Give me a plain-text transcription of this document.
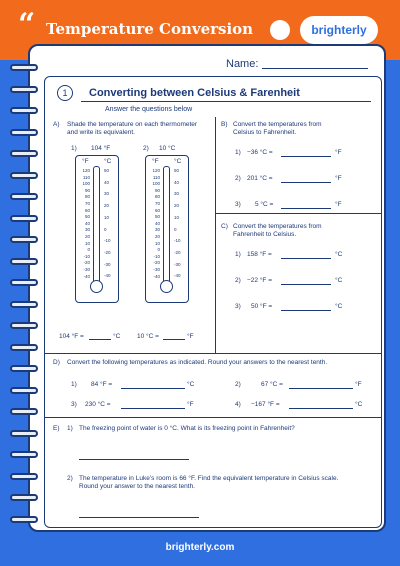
“ Temperature Conversion	brighterly
Name:
1	Converting between Celsius & Farenheit
Answer the questions below
A) Shade the temperature on each thermometer
and write its equivalent.
1) 104 °F	2) 10 °C
°F °C
120
110
100
90
80
70
60
50
40
30
20
10
0
-10
-20
-30
-40
50
40
30
20
10
0
-10
-20
-30
-40
°F °C
120
110
100
90
80
70
60
50
40
30
20
10
0
-10
-20
-30
-40
50
40
30
20
10
0
-10
-20
-30
-40
104 °F =	°C	10 °C =	°F
B) Convert the temperatures from
Celsius to Fahrenheit.
1) −36 °C =	°F
2) 201 °C =	°F
3) 5 °C =	°F
C) Convert the temperatures from
Fahrenheit to Celsius.
1) 158 °F =	°C
2) −22 °F =	°C
3) 50 °F =	°C
D) Convert the following temperatures as indicated. Round your answers to the nearest tenth.
1) 84 °F =	°C	2)	67 °C =	°F
3) 230 °C =	°F	4) −167 °F =	°C
E) 1) The freezing point of water is 0 °C. What is its freezing point in Fahrenheit?
2) The temperature in Luke’s room is 66 °F. Find the equivalent temperature in Celsius scale.
Round your answer to the nearest tenth.
brighterly.com
